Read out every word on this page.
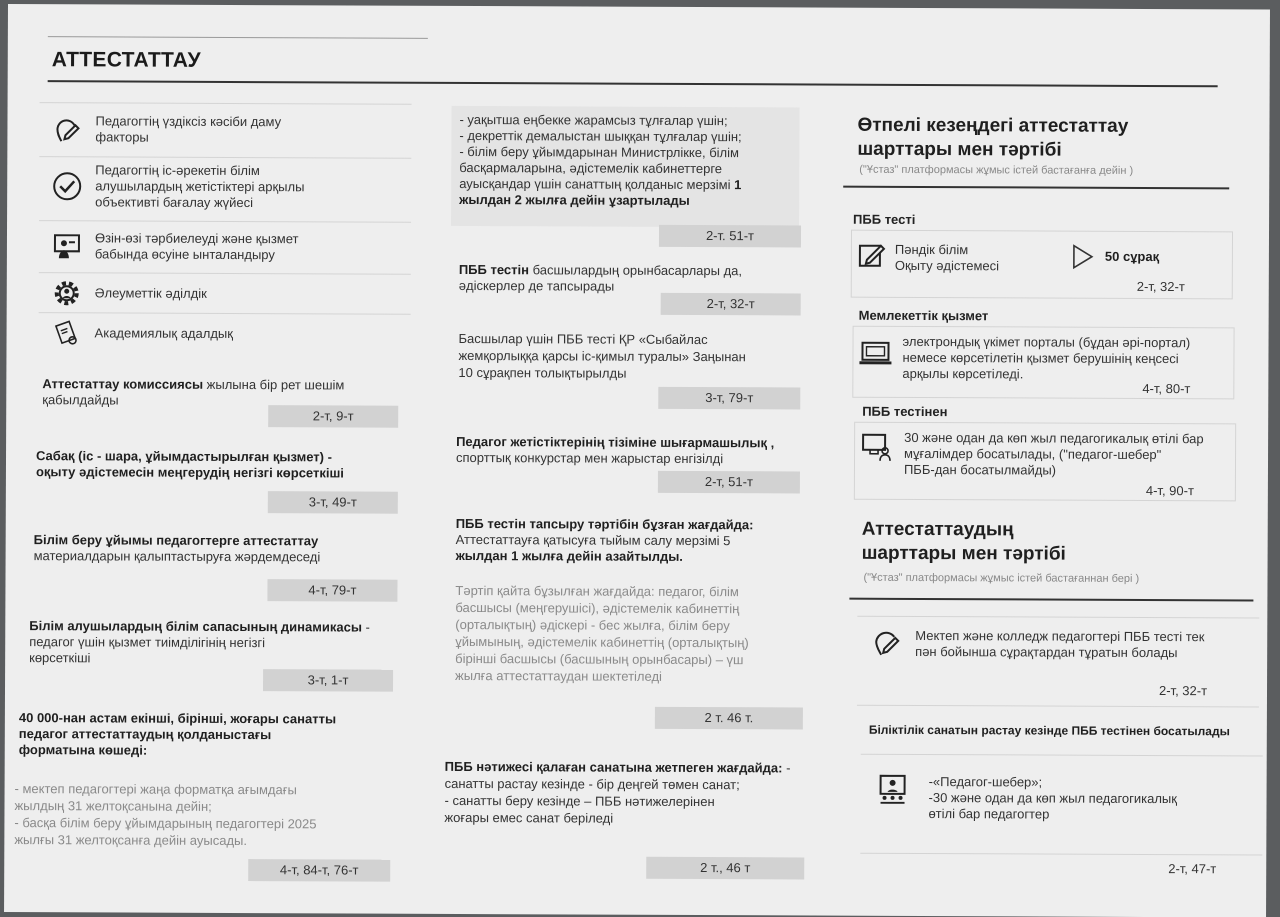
АТТЕСТАТТАУ
Педагогтің үздіксіз кәсіби даму
факторы
Педагогтің іс-әрекетін білім
алушылардың жетістіктері арқылы
объективті бағалау жүйесі
Өзін-өзі тәрбиелеуді және қызмет
бабында өсуіне ынталандыру
Әлеуметтік әділдік
Академиялық адалдық
Аттестаттау комиссиясы жылына бір рет шешім
қабылдайды
2-т, 9-т
Сабақ (іс - шара, ұйымдастырылған қызмет) -
оқыту әдістемесін меңгерудің негізгі көрсеткіші
3-т, 49-т
Білім беру ұйымы педагогтерге аттестаттау
материалдарын қалыптастыруға жәрдемдеседі
4-т, 79-т
Білім алушылардың білім сапасының динамикасы - педагог үшін қызмет тиімділігінің негізгі
көрсеткіші
3-т, 1-т
40 000-нан астам екінші, бірінші, жоғары санатты
педагог аттестаттаудың қолданыстағы
форматына көшеді:
- мектеп педагогтері жаңа форматқа ағымдағы
жылдың 31 желтоқсанына дейін;
- басқа білім беру ұйымдарының педагогтері 2025
жылғы 31 желтоқсанға дейін ауысады.
4-т, 84-т, 76-т
- уақытша еңбекке жарамсыз тұлғалар үшін;
- декреттік демалыстан шыққан тұлғалар үшін;
- білім беру ұйымдарынан Министрлікке, білім
басқармаларына, әдістемелік кабинеттерге
ауысқандар үшін санаттың қолданыс мерзімі 1
жылдан 2 жылға дейін ұзартылады
2-т. 51-т
ПББ тестін басшылардың орынбасарлары да,
әдіскерлер де тапсырады
2-т, 32-т
Басшылар үшін ПББ тесті ҚР «Сыбайлас
жемқорлыққа қарсы іс-қимыл туралы» Заңынан
10 сұрақпен толықтырылды
3-т, 79-т
Педагог жетістіктерінің тізіміне шығармашылық ,
спорттық конкурстар мен жарыстар енгізілді
2-т, 51-т
ПББ тестін тапсыру тәртібін бұзған жағдайда:
Аттестаттауға қатысуға тыйым салу мерзімі 5
жылдан 1 жылға дейін азайтылды.
Тәртіп қайта бұзылған жағдайда: педагог, білім
басшысы (меңгерушісі), әдістемелік кабинеттің
(орталықтың) әдіскері - бес жылға, білім беру
ұйымының, әдістемелік кабинеттің (орталықтың)
бірінші басшысы (басшының орынбасары) – үш
жылға аттестаттаудан шектетіледі
2 т. 46 т.
ПББ нәтижесі қалаған санатына жетпеген жағдайда: - санатты растау кезінде - бір деңгей төмен санат;
- санатты беру кезінде – ПББ нәтижелерінен
жоғары емес санат беріледі
2 т., 46 т
Өтпелі кезеңдегі аттестаттау
шарттары мен тәртібі
("Ұстаз" платформасы жұмыс істей бастағанға дейін )
ПББ тесті
Пәндік білім
Оқыту әдістемесі
50 сұрақ
2-т, 32-т
Мемлекеттік қызмет
электрондық үкімет порталы (бұдан әрі-портал)
немесе көрсетілетін қызмет берушінің кеңсесі
арқылы көрсетіледі.
4-т, 80-т
ПББ тестінен
30 және одан да көп жыл педагогикалық өтілі бар
мұғалімдер босатылады, ("педагог-шебер"
ПББ-дан босатылмайды)
4-т, 90-т
Аттестаттаудың
шарттары мен тәртібі
("Ұстаз" платформасы жұмыс істей бастағаннан бері )
Мектеп және колледж педагогтері ПББ тесті тек
пән бойынша сұрақтардан тұратын болады
2-т, 32-т
Біліктілік санатын растау кезінде ПББ тестінен босатылады
-«Педагог-шебер»;
-30 және одан да көп жыл педагогикалық
өтілі бар педагогтер
2-т, 47-т
